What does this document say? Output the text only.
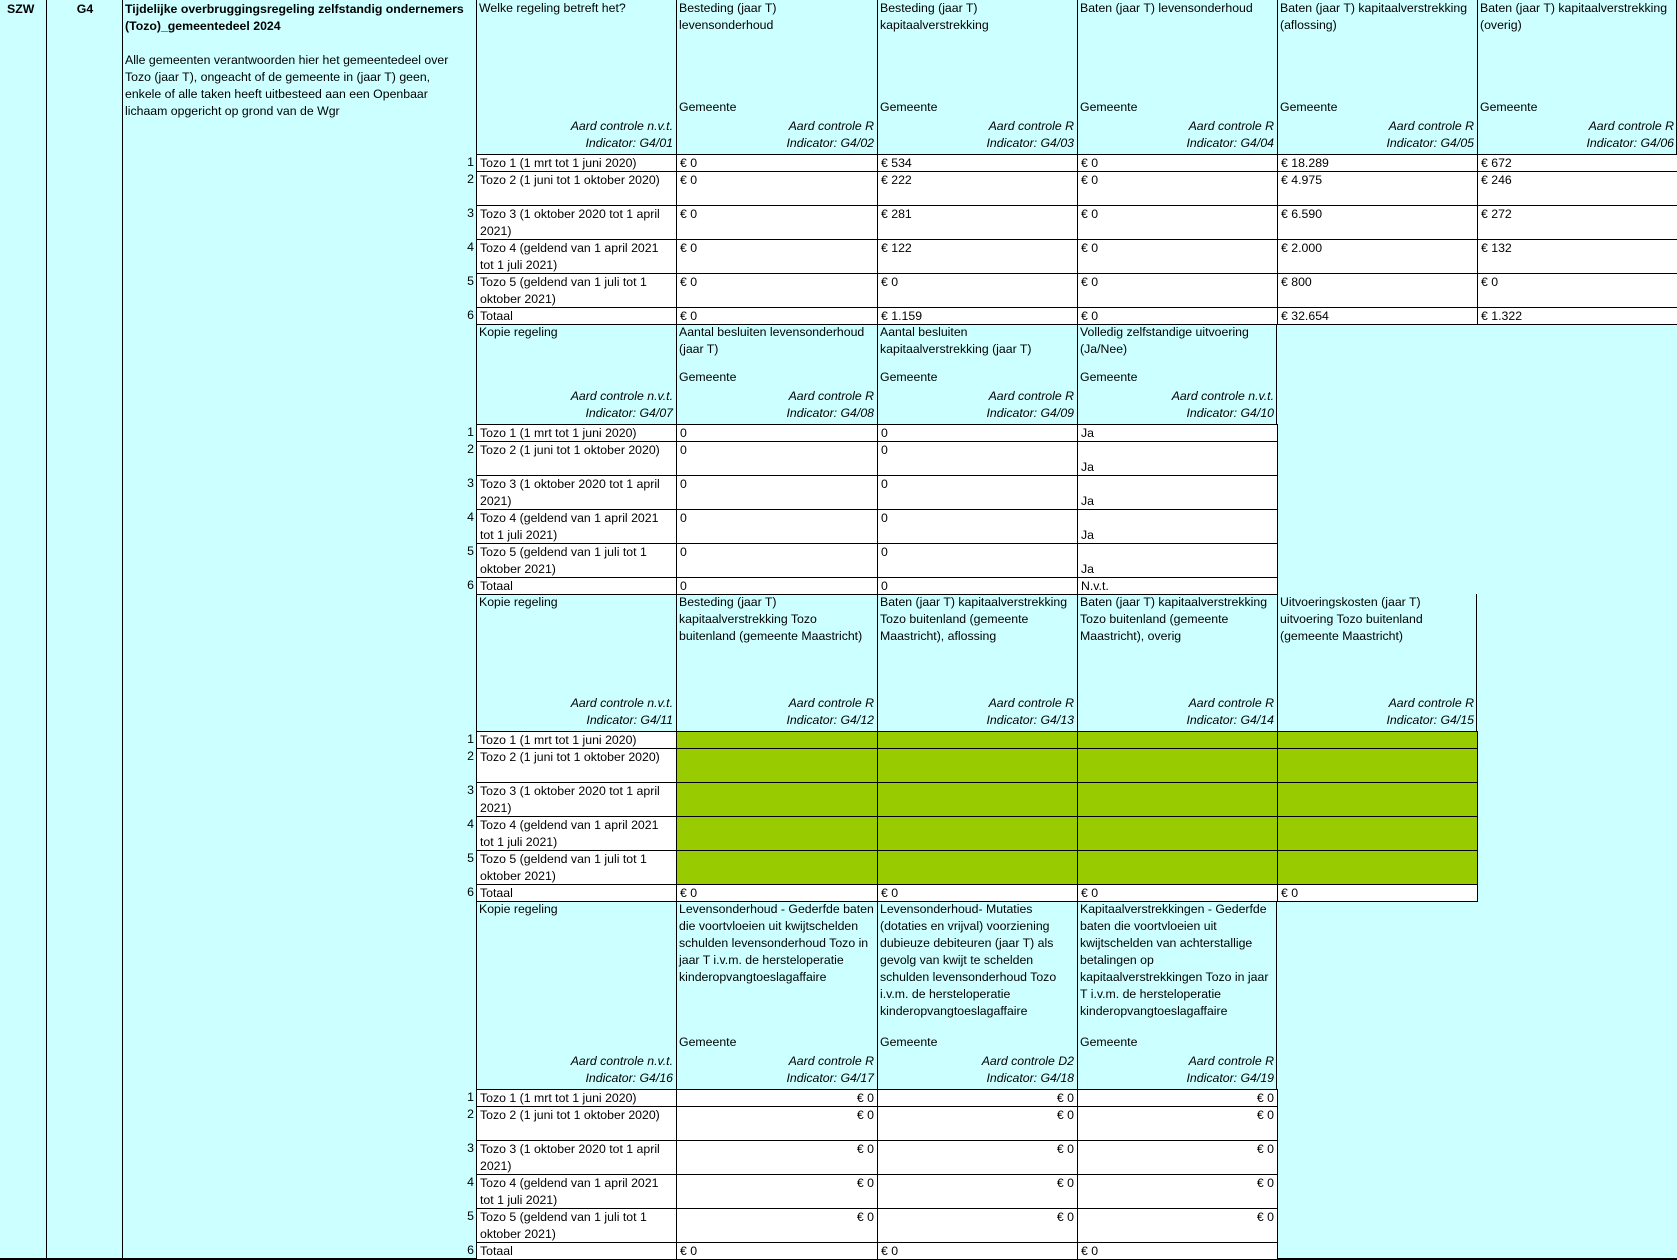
SZW	G4	Tijdelijke overbruggingsregeling zelfstandig ondernemers (Tozo)_gemeentedeel 2024
Alle gemeenten verantwoorden hier het gemeentedeel over Tozo (jaar T), ongeacht of de gemeente in (jaar T) geen, enkele of alle taken heeft uitbesteed aan een Openbaar lichaam opgericht op grond van de Wgr
Welke regeling betreft het?
Aard controle n.v.t.
Indicator: G4/01
Besteding (jaar T) levensonderhoud
Gemeente
Aard controle R
Indicator: G4/02
Besteding (jaar T) kapitaalverstrekking
Gemeente
Aard controle R
Indicator: G4/03
Baten (jaar T) levensonderhoud
Gemeente
Aard controle R
Indicator: G4/04
Baten (jaar T) kapitaalverstrekking (aflossing)
Gemeente
Aard controle R
Indicator: G4/05
Baten (jaar T) kapitaalverstrekking (overig)
Gemeente
Aard controle R
Indicator: G4/06
1 Tozo 1 (1 mrt tot 1 juni 2020)	€ 0	€ 534	€ 0	€ 18.289	€ 672
2 Tozo 2 (1 juni tot 1 oktober 2020)	€ 0	€ 222	€ 0	€ 4.975	€ 246
3 Tozo 3 (1 oktober 2020 tot 1 april 2021)
€ 0	€ 281	€ 0	€ 6.590	€ 272
4 Tozo 4 (geldend van 1 april 2021 tot 1 juli 2021)
€ 0	€ 122	€ 0	€ 2.000	€ 132
5 Tozo 5 (geldend van 1 juli tot 1 oktober 2021)
€ 0	€ 0	€ 0	€ 800	€ 0
6 Totaal	€ 0	€ 1.159	€ 0	€ 32.654	€ 1.322
Kopie regeling
Aard controle n.v.t.
Indicator: G4/07
Aantal besluiten levensonderhoud (jaar T)
Gemeente
Aard controle R
Indicator: G4/08
Aantal besluiten kapitaalverstrekking (jaar T)
Gemeente
Aard controle R
Indicator: G4/09
Volledig zelfstandige uitvoering (Ja/Nee)
Gemeente
Aard controle n.v.t.
Indicator: G4/10
1 Tozo 1 (1 mrt tot 1 juni 2020)	0	0	Ja
2 Tozo 2 (1 juni tot 1 oktober 2020)	0	0
Ja
3 Tozo 3 (1 oktober 2020 tot 1 april 2021)
0	0
Ja
4 Tozo 4 (geldend van 1 april 2021 tot 1 juli 2021)
0	0
Ja
5 Tozo 5 (geldend van 1 juli tot 1 oktober 2021)
0	0
Ja
6 Totaal	0	0	N.v.t.
Kopie regeling
Aard controle n.v.t.
Indicator: G4/11
Besteding (jaar T) kapitaalverstrekking Tozo buitenland (gemeente Maastricht)
Aard controle R
Indicator: G4/12
Baten (jaar T) kapitaalverstrekking Tozo buitenland (gemeente Maastricht), aflossing
Aard controle R
Indicator: G4/13
Baten (jaar T) kapitaalverstrekking Tozo buitenland (gemeente Maastricht), overig
Aard controle R
Indicator: G4/14
Uitvoeringskosten (jaar T) uitvoering Tozo buitenland (gemeente Maastricht)
Aard controle R
Indicator: G4/15
1 Tozo 1 (1 mrt tot 1 juni 2020)
2 Tozo 2 (1 juni tot 1 oktober 2020)
3 Tozo 3 (1 oktober 2020 tot 1 april 2021)
4 Tozo 4 (geldend van 1 april 2021 tot 1 juli 2021)
5 Tozo 5 (geldend van 1 juli tot 1 oktober 2021)
6 Totaal	€ 0	€ 0	€ 0	€ 0
Kopie regeling
Aard controle n.v.t.
Indicator: G4/16
Levensonderhoud - Gederfde baten die voortvloeien uit kwijtschelden schulden levensonderhoud Tozo in jaar T i.v.m. de hersteloperatie kinderopvangtoeslagaffaire
Gemeente
Aard controle R
Indicator: G4/17
Levensonderhoud- Mutaties (dotaties en vrijval) voorziening dubieuze debiteuren (jaar T) als gevolg van kwijt te schelden schulden levensonderhoud Tozo i.v.m. de hersteloperatie kinderopvangtoeslagaffaire
Gemeente
Aard controle D2
Indicator: G4/18
Kapitaalverstrekkingen - Gederfde baten die voortvloeien uit kwijtschelden van achterstallige betalingen op kapitaalverstrekkingen Tozo in jaar T i.v.m. de hersteloperatie kinderopvangtoeslagaffaire
Gemeente
Aard controle R
Indicator: G4/19
1 Tozo 1 (1 mrt tot 1 juni 2020)	€ 0	€ 0	€ 0
2 Tozo 2 (1 juni tot 1 oktober 2020)	€ 0	€ 0	€ 0
3 Tozo 3 (1 oktober 2020 tot 1 april 2021)
€ 0	€ 0	€ 0
4 Tozo 4 (geldend van 1 april 2021 tot 1 juli 2021)
€ 0	€ 0	€ 0
5 Tozo 5 (geldend van 1 juli tot 1 oktober 2021)
€ 0	€ 0	€ 0
6 Totaal	€ 0	€ 0	€ 0
